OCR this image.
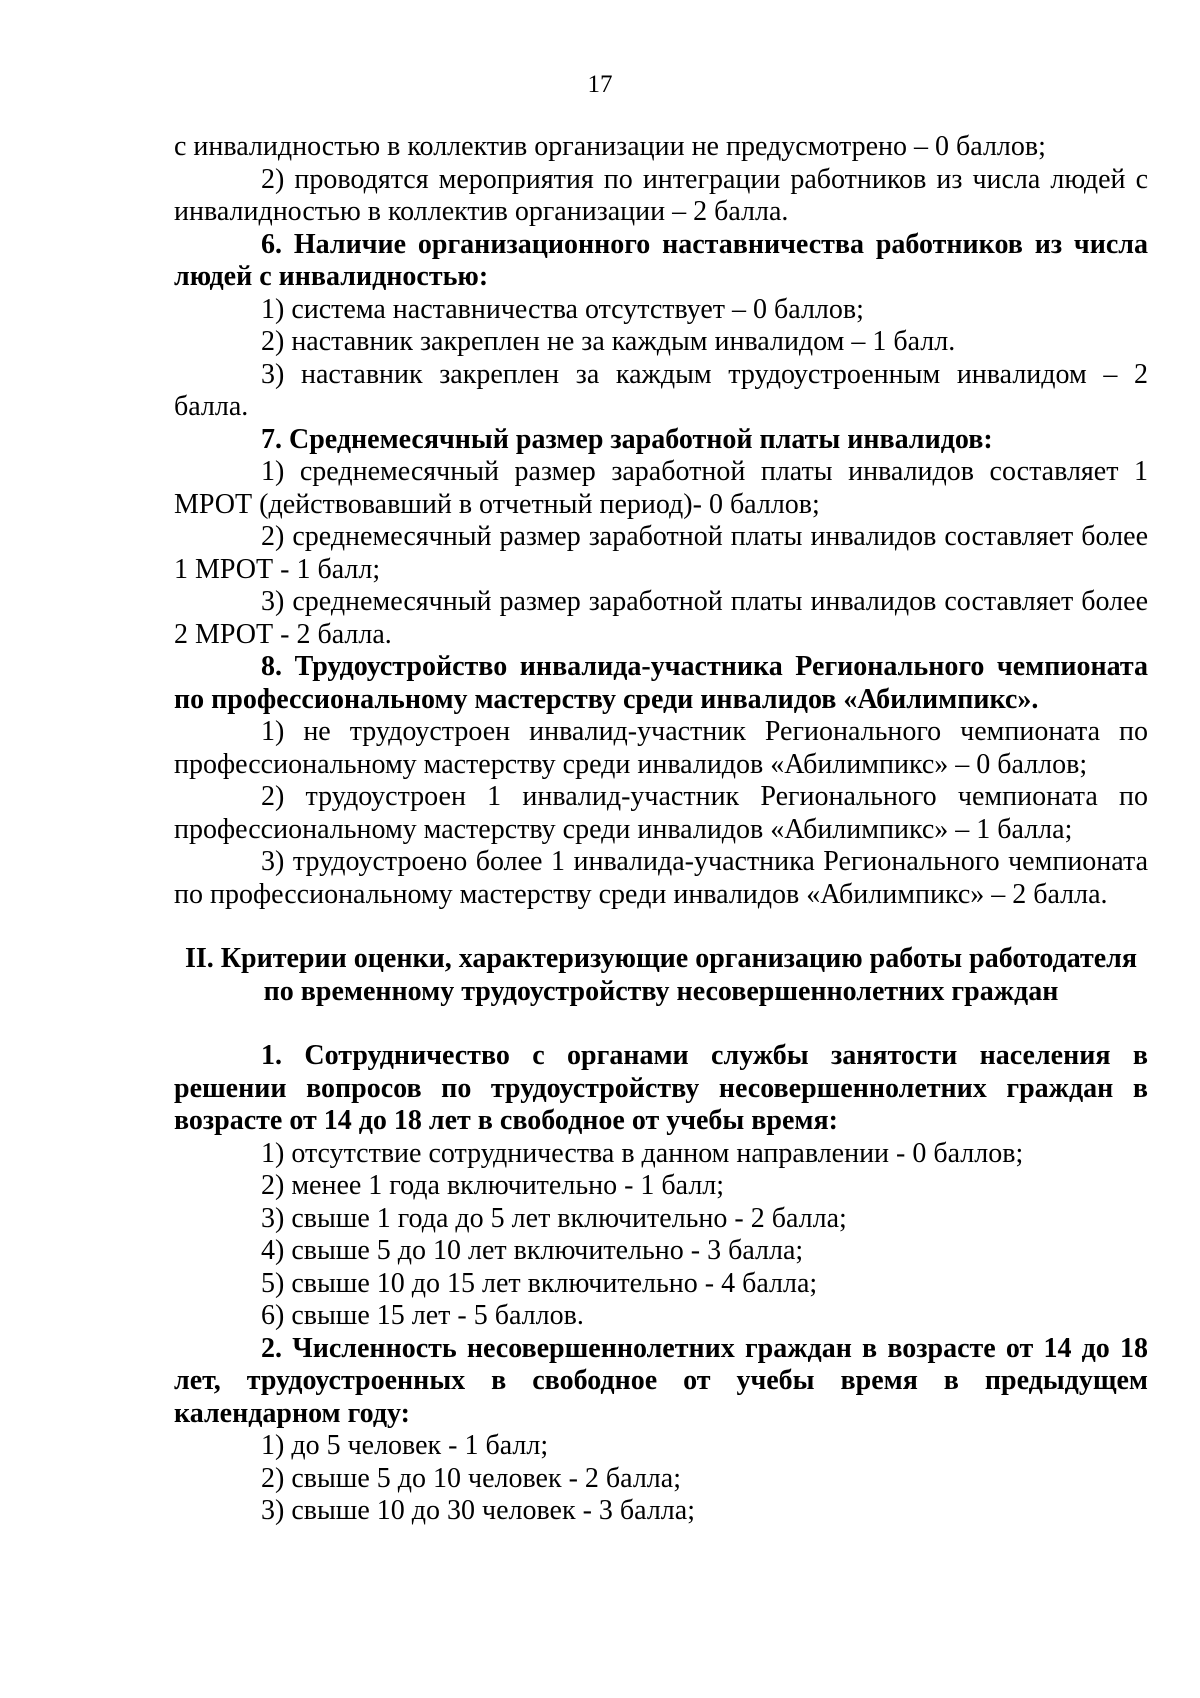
17

с инвалидностью в коллектив организации не предусмотрено – 0 баллов;

2) проводятся мероприятия по интеграции работников из числа людей с инвалидностью в коллектив организации – 2 балла.

6. Наличие организационного наставничества работников из числа людей с инвалидностью:

1) система наставничества отсутствует – 0 баллов;

2) наставник закреплен не за каждым инвалидом – 1 балл.

3) наставник закреплен за каждым трудоустроенным инвалидом – 2 балла.

7. Среднемесячный размер заработной платы инвалидов:

1) среднемесячный размер заработной платы инвалидов составляет 1 МРОТ (действовавший в отчетный период)- 0 баллов;

2) среднемесячный размер заработной платы инвалидов составляет более 1 МРОТ - 1 балл;

3) среднемесячный размер заработной платы инвалидов составляет более 2 МРОТ - 2 балла.

8. Трудоустройство инвалида-участника Регионального чемпионата по профессиональному мастерству среди инвалидов «Абилимпикс».

1) не трудоустроен инвалид-участник Регионального чемпионата по профессиональному мастерству среди инвалидов «Абилимпикс» – 0 баллов;

2) трудоустроен 1 инвалид-участник Регионального чемпионата по профессиональному мастерству среди инвалидов «Абилимпикс» – 1 балла;

3) трудоустроено более 1 инвалида-участника Регионального чемпионата по профессиональному мастерству среди инвалидов «Абилимпикс» – 2 балла.

II. Критерии оценки, характеризующие организацию работы работодателя по временному трудоустройству несовершеннолетних граждан

1. Сотрудничество с органами службы занятости населения в решении вопросов по трудоустройству несовершеннолетних граждан в возрасте от 14 до 18 лет в свободное от учебы время:

1) отсутствие сотрудничества в данном направлении - 0 баллов;

2) менее 1 года включительно - 1 балл;

3) свыше 1 года до 5 лет включительно - 2 балла;

4) свыше 5 до 10 лет включительно - 3 балла;

5) свыше 10 до 15 лет включительно - 4 балла;

6) свыше 15 лет - 5 баллов.

2. Численность несовершеннолетних граждан в возрасте от 14 до 18 лет, трудоустроенных в свободное от учебы время в предыдущем календарном году:

1) до 5 человек - 1 балл;

2) свыше 5 до 10 человек - 2 балла;

3) свыше 10 до 30 человек - 3 балла;
